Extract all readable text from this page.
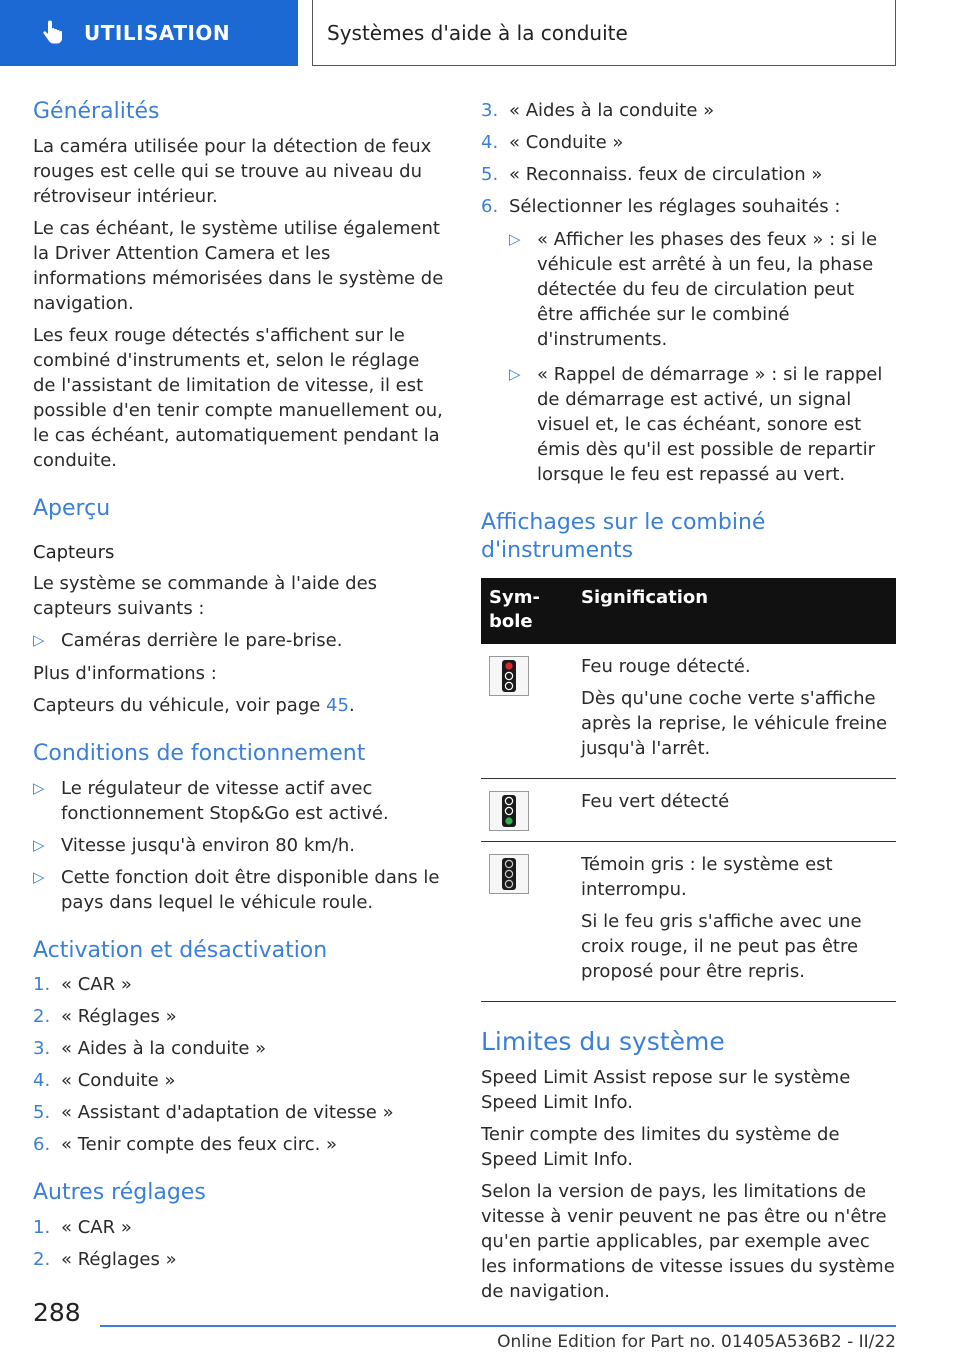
UTILISATION	Systèmes d'aide à la conduite
Généralités

La caméra utilisée pour la détection de feux rouges est celle qui se trouve au niveau du rétroviseur intérieur.

Le cas échéant, le système utilise également la Driver Attention Camera et les informations mémorisées dans le système de navigation.

Les feux rouge détectés s'affichent sur le combiné d'instruments et, selon le réglage de l'assistant de limitation de vitesse, il est possible d'en tenir compte manuellement ou, le cas échéant, automatiquement pendant la conduite.

Aperçu
Capteurs

Le système se commande à l'aide des capteurs suivants :

▷ Caméras derrière le pare-brise.

Plus d'informations :

Capteurs du véhicule, voir page 45.

Conditions de fonctionnement
▷ Le régulateur de vitesse actif avec fonctionnement Stop&Go est activé.
▷ Vitesse jusqu'à environ 80 km/h.
▷ Cette fonction doit être disponible dans le pays dans lequel le véhicule roule.
Activation et désactivation
1. « CAR »
2. « Réglages »
3. « Aides à la conduite »
4. « Conduite »
5. « Assistant d'adaptation de vitesse »
6. « Tenir compte des feux circ. »
Autres réglages
1. « CAR »
2. « Réglages »
3. « Aides à la conduite »
4. « Conduite »
5. « Reconnaiss. feux de circulation »
6. Sélectionner les réglages souhaités :
▷ « Afficher les phases des feux » : si le véhicule est arrêté à un feu, la phase détectée du feu de circulation peut être affichée sur le combiné d'instruments.
▷ « Rappel de démarrage » : si le rappel de démarrage est activé, un signal visuel et, le cas échéant, sonore est émis dès qu'il est possible de repartir lorsque le feu est repassé au vert.
Affichages sur le combiné d'instruments
Sym-
bole	Signification

Feu rouge détecté.

Dès qu'une coche verte s'affiche après la reprise, le véhicule freine jusqu'à l'arrêt.

Feu vert détecté

Témoin gris : le système est interrompu.

Si le feu gris s'affiche avec une croix rouge, il ne peut pas être proposé pour être repris.

Limites du système

Speed Limit Assist repose sur le système Speed Limit Info.

Tenir compte des limites du système de Speed Limit Info.

Selon la version de pays, les limitations de vitesse à venir peuvent ne pas être ou n'être qu'en partie applicables, par exemple avec les informations de vitesse issues du système de navigation.

288
Online Edition for Part no. 01405A536B2 - II/22
